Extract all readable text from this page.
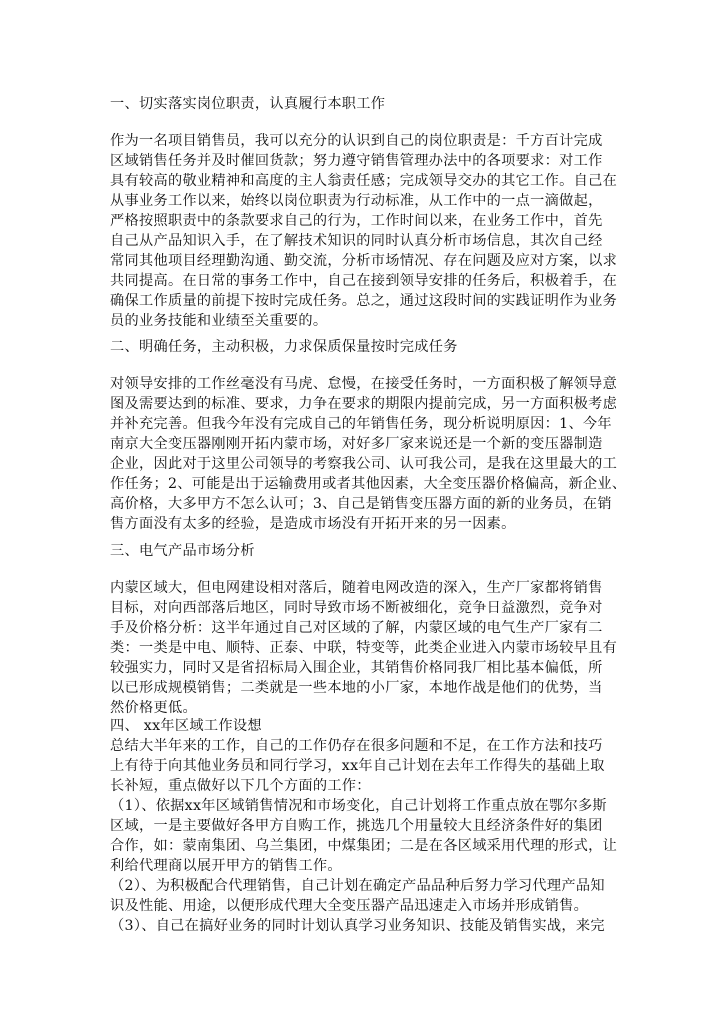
一、切实落实岗位职责，认真履行本职工作
作为一名项目销售员，我可以充分的认识到自己的岗位职责是：千方百计完成
区域销售任务并及时催回货款；努力遵守销售管理办法中的各项要求：对工作
具有较高的敬业精神和高度的主人翁责任感；完成领导交办的其它工作。自己在
从事业务工作以来，始终以岗位职责为行动标准，从工作中的一点一滴做起，
严格按照职责中的条款要求自己的行为，工作时间以来，在业务工作中，首先
自己从产品知识入手，在了解技术知识的同时认真分析市场信息，其次自己经
常同其他项目经理勤沟通、勤交流，分析市场情况、存在问题及应对方案，以求
共同提高。在日常的事务工作中，自己在接到领导安排的任务后，积极着手，在
确保工作质量的前提下按时完成任务。总之，通过这段时间的实践证明作为业务
员的业务技能和业绩至关重要的。
二、明确任务，主动积极，力求保质保量按时完成任务
对领导安排的工作丝毫没有马虎、怠慢，在接受任务时，一方面积极了解领导意
图及需要达到的标准、要求，力争在要求的期限内提前完成，另一方面积极考虑
并补充完善。但我今年没有完成自己的年销售任务，现分析说明原因：1、今年
南京大全变压器刚刚开拓内蒙市场，对好多厂家来说还是一个新的变压器制造
企业，因此对于这里公司领导的考察我公司、认可我公司，是我在这里最大的工
作任务；2、可能是出于运输费用或者其他因素，大全变压器价格偏高，新企业、
高价格，大多甲方不怎么认可；3、自己是销售变压器方面的新的业务员，在销
售方面没有太多的经验，是造成市场没有开拓开来的另一因素。
三、电气产品市场分析
内蒙区域大，但电网建设相对落后，随着电网改造的深入，生产厂家都将销售
目标，对向西部落后地区，同时导致市场不断被细化，竞争日益激烈，竞争对
手及价格分析：这半年通过自己对区域的了解，内蒙区域的电气生产厂家有二
类：一类是中电、顺特、正泰、中联，特变等，此类企业进入内蒙市场较早且有
较强实力，同时又是省招标局入围企业，其销售价格同我厂相比基本偏低，所
以已形成规模销售；二类就是一些本地的小厂家，本地作战是他们的优势，当
然价格更低。
四、 xx年区域工作设想
总结大半年来的工作，自己的工作仍存在很多问题和不足，在工作方法和技巧
上有待于向其他业务员和同行学习，xx年自己计划在去年工作得失的基础上取
长补短，重点做好以下几个方面的工作：
（1）、依据xx年区域销售情况和市场变化，自己计划将工作重点放在鄂尔多斯
区域，一是主要做好各甲方自购工作，挑选几个用量较大且经济条件好的集团
合作，如：蒙南集团、乌兰集团，中煤集团；二是在各区域采用代理的形式，让
利给代理商以展开甲方的销售工作。
（2）、为积极配合代理销售，自己计划在确定产品品种后努力学习代理产品知
识及性能、用途，以便形成代理大全变压器产品迅速走入市场并形成销售。
（3）、自己在搞好业务的同时计划认真学习业务知识、技能及销售实战，来完
